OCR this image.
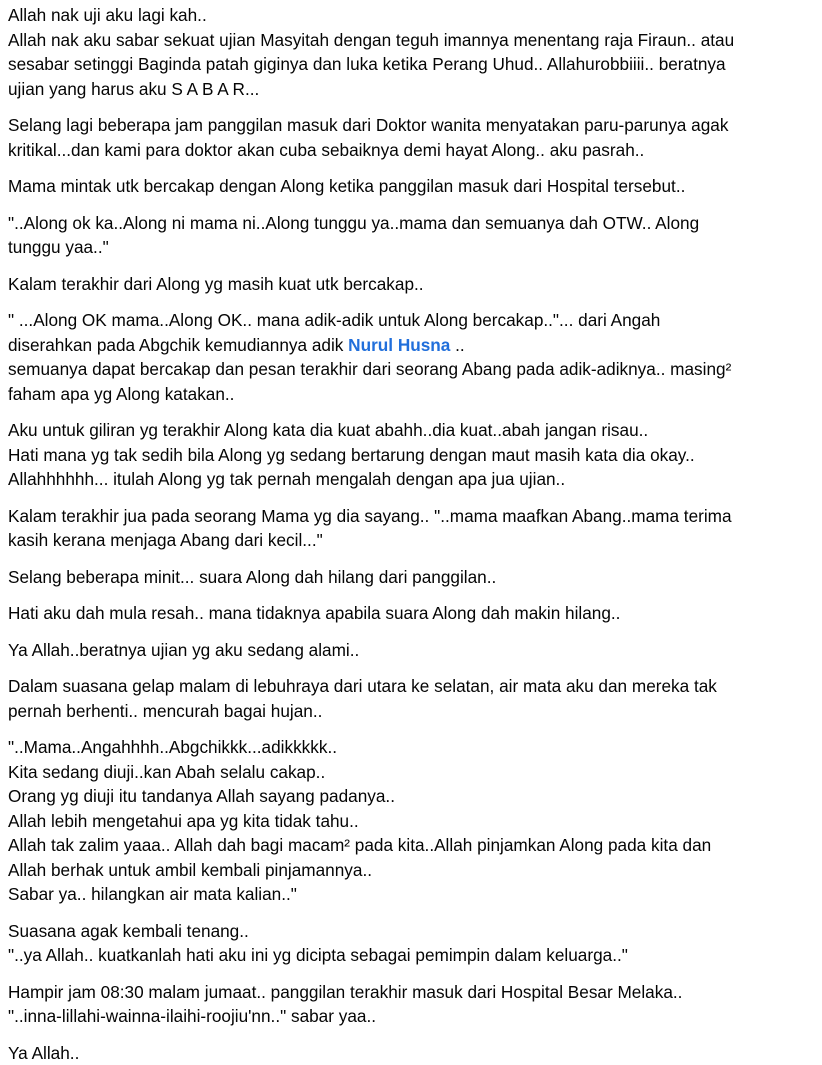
Allah nak uji aku lagi kah..
Allah nak aku sabar sekuat ujian Masyitah dengan teguh imannya menentang raja Firaun.. atau
sesabar setinggi Baginda patah giginya dan luka ketika Perang Uhud.. Allahurobbiiii.. beratnya
ujian yang harus aku S A B A R...
Selang lagi beberapa jam panggilan masuk dari Doktor wanita menyatakan paru-parunya agak
kritikal...dan kami para doktor akan cuba sebaiknya demi hayat Along.. aku pasrah..
Mama mintak utk bercakap dengan Along ketika panggilan masuk dari Hospital tersebut..
"..Along ok ka..Along ni mama ni..Along tunggu ya..mama dan semuanya dah OTW.. Along
tunggu yaa.."
Kalam terakhir dari Along yg masih kuat utk bercakap..
" ...Along OK mama..Along OK.. mana adik-adik untuk Along bercakap.."... dari Angah
diserahkan pada Abgchik kemudiannya adik Nurul Husna ..
semuanya dapat bercakap dan pesan terakhir dari seorang Abang pada adik-adiknya.. masing²
faham apa yg Along katakan..
Aku untuk giliran yg terakhir Along kata dia kuat abahh..dia kuat..abah jangan risau..
Hati mana yg tak sedih bila Along yg sedang bertarung dengan maut masih kata dia okay..
Allahhhhhh... itulah Along yg tak pernah mengalah dengan apa jua ujian..
Kalam terakhir jua pada seorang Mama yg dia sayang.. "..mama maafkan Abang..mama terima
kasih kerana menjaga Abang dari kecil..."
Selang beberapa minit... suara Along dah hilang dari panggilan..
Hati aku dah mula resah.. mana tidaknya apabila suara Along dah makin hilang..
Ya Allah..beratnya ujian yg aku sedang alami..
Dalam suasana gelap malam di lebuhraya dari utara ke selatan, air mata aku dan mereka tak
pernah berhenti.. mencurah bagai hujan..
"..Mama..Angahhhh..Abgchikkk...adikkkkk..
Kita sedang diuji..kan Abah selalu cakap..
Orang yg diuji itu tandanya Allah sayang padanya..
Allah lebih mengetahui apa yg kita tidak tahu..
Allah tak zalim yaaa.. Allah dah bagi macam² pada kita..Allah pinjamkan Along pada kita dan
Allah berhak untuk ambil kembali pinjamannya..
Sabar ya.. hilangkan air mata kalian.."
Suasana agak kembali tenang..
"..ya Allah.. kuatkanlah hati aku ini yg dicipta sebagai pemimpin dalam keluarga.."
Hampir jam 08:30 malam jumaat.. panggilan terakhir masuk dari Hospital Besar Melaka..
"..inna-lillahi-wainna-ilaihi-roojiu'nn.." sabar yaa..
Ya Allah..
